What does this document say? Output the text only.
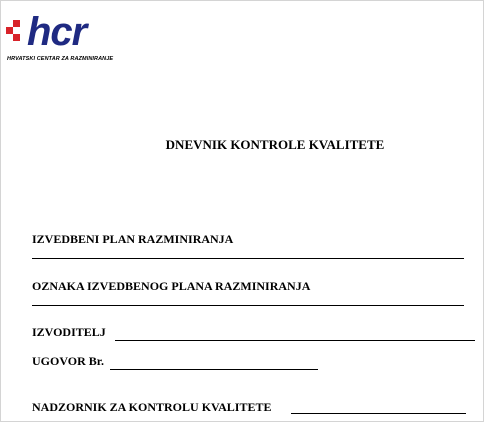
hcr
HRVATSKI CENTAR ZA RAZMINIRANJE
DNEVNIK KONTROLE KVALITETE
IZVEDBENI PLAN RAZMINIRANJA
OZNAKA IZVEDBENOG PLANA RAZMINIRANJA
IZVODITELJ
UGOVOR Br.
NADZORNIK ZA KONTROLU KVALITETE
